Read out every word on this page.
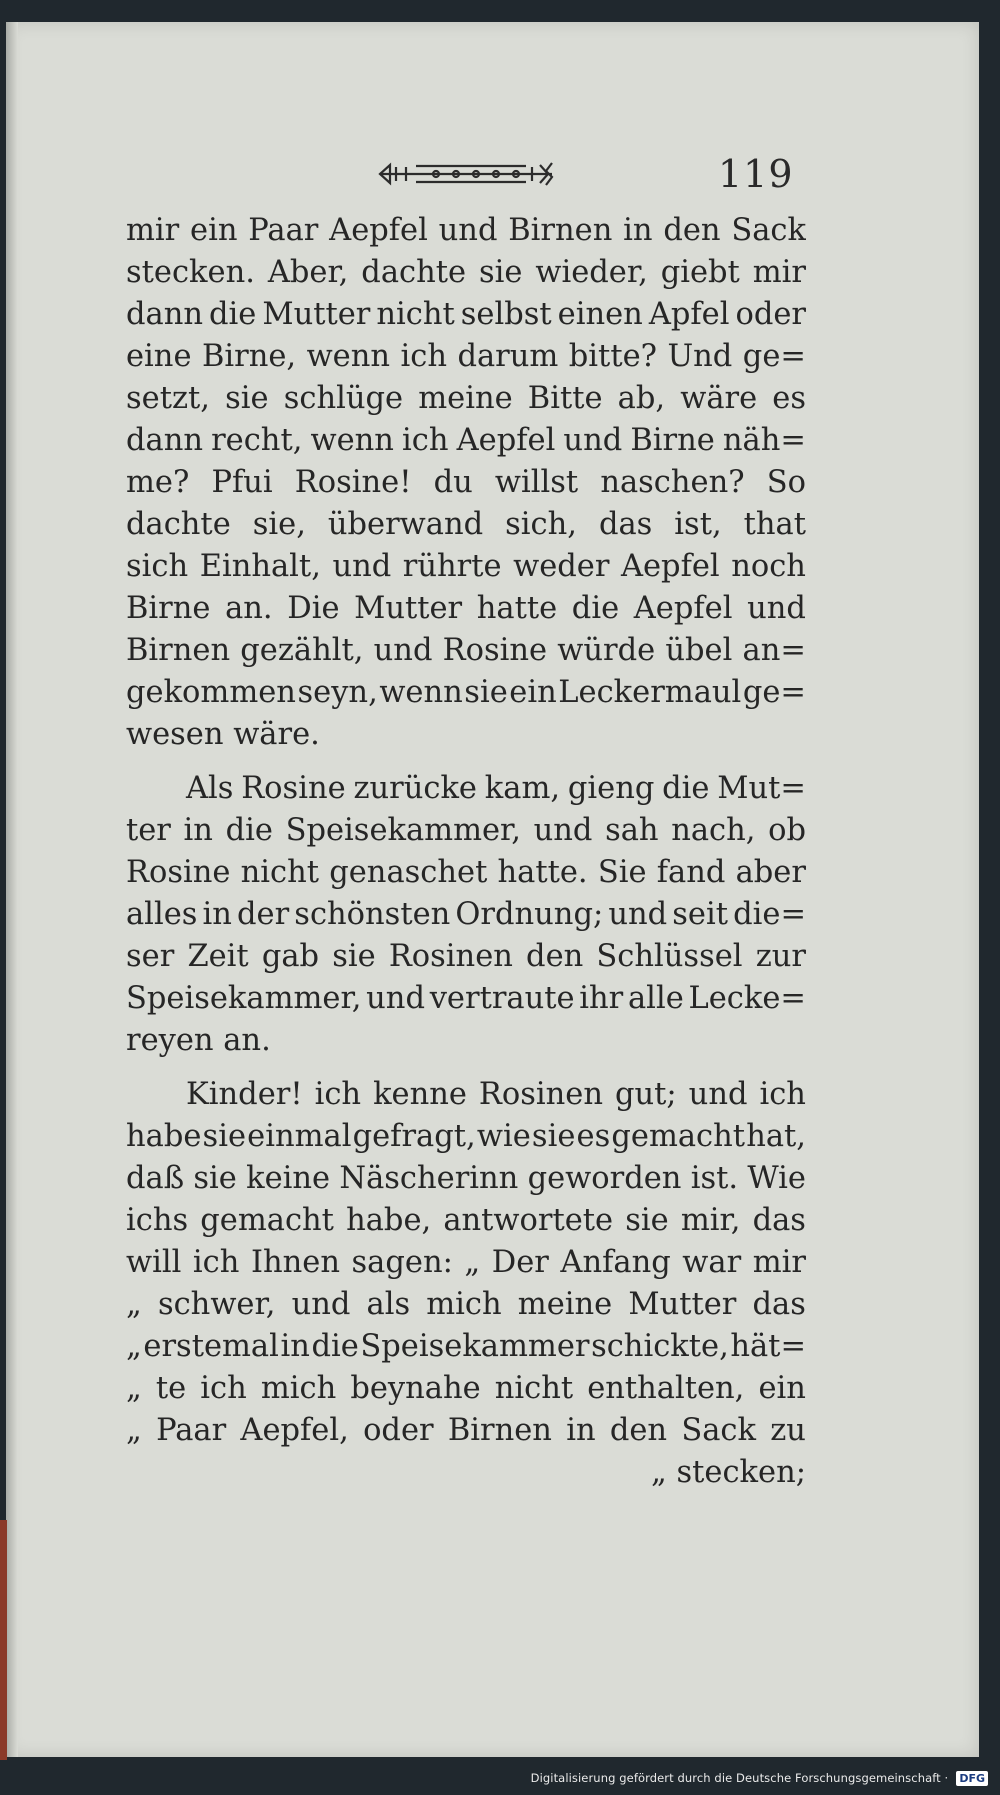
119
mir ein Paar Aepfel und Birnen in den Sack
stecken. Aber, dachte sie wieder, giebt mir
dann die Mutter nicht selbst einen Apfel oder
eine Birne, wenn ich darum bitte? Und ge=
setzt, sie schlüge meine Bitte ab, wäre es
dann recht, wenn ich Aepfel und Birne näh=
me? Pfui Rosine! du willst naschen? So
dachte sie, überwand sich, das ist, that
sich Einhalt, und rührte weder Aepfel noch
Birne an. Die Mutter hatte die Aepfel und
Birnen gezählt, und Rosine würde übel an=
gekommen seyn, wenn sie ein Leckermaul ge=
wesen wäre.
Als Rosine zurücke kam, gieng die Mut=
ter in die Speisekammer, und sah nach, ob
Rosine nicht genaschet hatte. Sie fand aber
alles in der schönsten Ordnung; und seit die=
ser Zeit gab sie Rosinen den Schlüssel zur
Speisekammer, und vertraute ihr alle Lecke=
reyen an.
Kinder! ich kenne Rosinen gut; und ich
habe sie einmal gefragt, wie sie es gemacht hat,
daß sie keine Näscherinn geworden ist. Wie
ichs gemacht habe, antwortete sie mir, das
will ich Ihnen sagen: „ Der Anfang war mir
„ schwer, und als mich meine Mutter das
„ erstemal in die Speisekammer schickte, hät=
„ te ich mich beynahe nicht enthalten, ein
„ Paar Aepfel, oder Birnen in den Sack zu
„ stecken;
Digitalisierung gefördert durch die Deutsche Forschungsgemeinschaft · DFG
